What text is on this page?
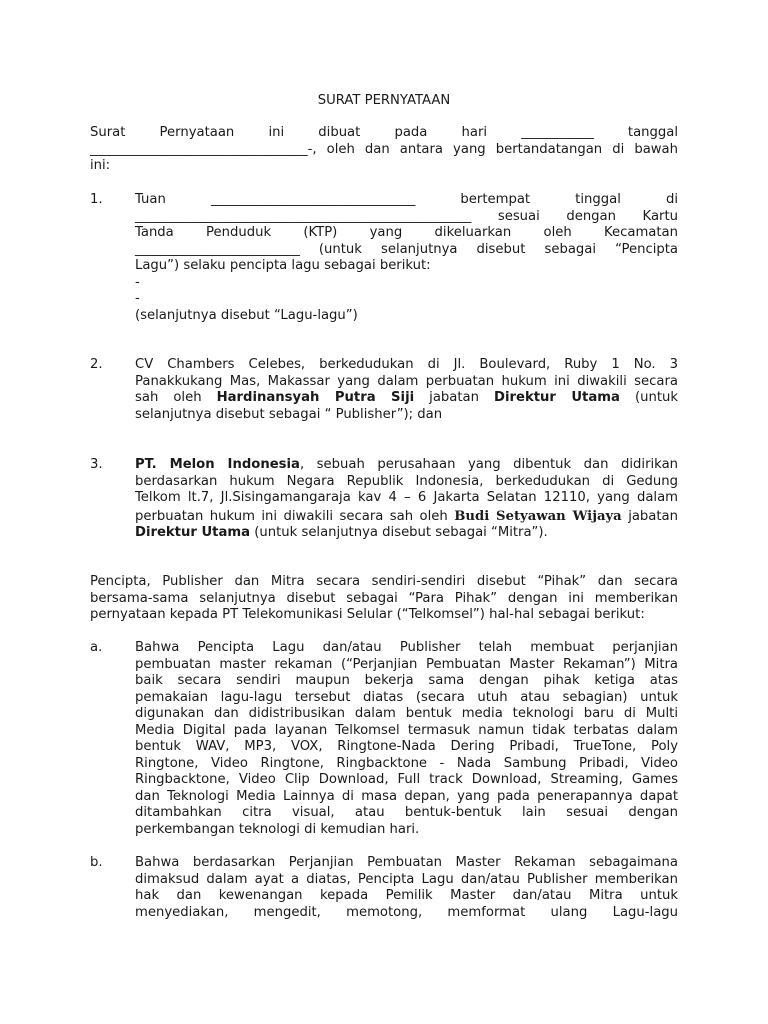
SURAT PERNYATAAN
Surat Pernyataan ini dibuat pada hari ___________ tanggal
_________________________________-, oleh dan antara yang bertandatangan di bawah
ini:
1. Tuan _______________________________ bertempat tinggal di
___________________________________________________ sesuai dengan Kartu
Tanda Penduduk (KTP) yang dikeluarkan oleh Kecamatan
_________________________ (untuk selanjutnya disebut sebagai “Pencipta
Lagu”) selaku pencipta lagu sebagai berikut:
-
-
(selanjutnya disebut “Lagu-lagu”)
2. CV Chambers Celebes, berkedudukan di Jl. Boulevard, Ruby 1 No. 3
Panakkukang Mas, Makassar yang dalam perbuatan hukum ini diwakili secara
sah oleh Hardinansyah Putra Siji jabatan Direktur Utama (untuk
selanjutnya disebut sebagai “ Publisher”); dan
3. PT. Melon Indonesia, sebuah perusahaan yang dibentuk dan didirikan
berdasarkan hukum Negara Republik Indonesia, berkedudukan di Gedung
Telkom lt.7, Jl.Sisingamangaraja kav 4 – 6 Jakarta Selatan 12110, yang dalam
perbuatan hukum ini diwakili secara sah oleh Budi Setyawan Wijaya jabatan
Direktur Utama (untuk selanjutnya disebut sebagai “Mitra”).
Pencipta, Publisher dan Mitra secara sendiri-sendiri disebut “Pihak” dan secara
bersama-sama selanjutnya disebut sebagai “Para Pihak” dengan ini memberikan
pernyataan kepada PT Telekomunikasi Selular (“Telkomsel”) hal-hal sebagai berikut:
a. Bahwa Pencipta Lagu dan/atau Publisher telah membuat perjanjian
pembuatan master rekaman (“Perjanjian Pembuatan Master Rekaman”) Mitra
baik secara sendiri maupun bekerja sama dengan pihak ketiga atas
pemakaian lagu-lagu tersebut diatas (secara utuh atau sebagian) untuk
digunakan dan didistribusikan dalam bentuk media teknologi baru di Multi
Media Digital pada layanan Telkomsel termasuk namun tidak terbatas dalam
bentuk WAV, MP3, VOX, Ringtone-Nada Dering Pribadi, TrueTone, Poly
Ringtone, Video Ringtone, Ringbacktone - Nada Sambung Pribadi, Video
Ringbacktone, Video Clip Download, Full track Download, Streaming, Games
dan Teknologi Media Lainnya di masa depan, yang pada penerapannya dapat
ditambahkan citra visual, atau bentuk-bentuk lain sesuai dengan
perkembangan teknologi di kemudian hari.
b. Bahwa berdasarkan Perjanjian Pembuatan Master Rekaman sebagaimana
dimaksud dalam ayat a diatas, Pencipta Lagu dan/atau Publisher memberikan
hak dan kewenangan kepada Pemilik Master dan/atau Mitra untuk
menyediakan, mengedit, memotong, memformat ulang Lagu-lagu
